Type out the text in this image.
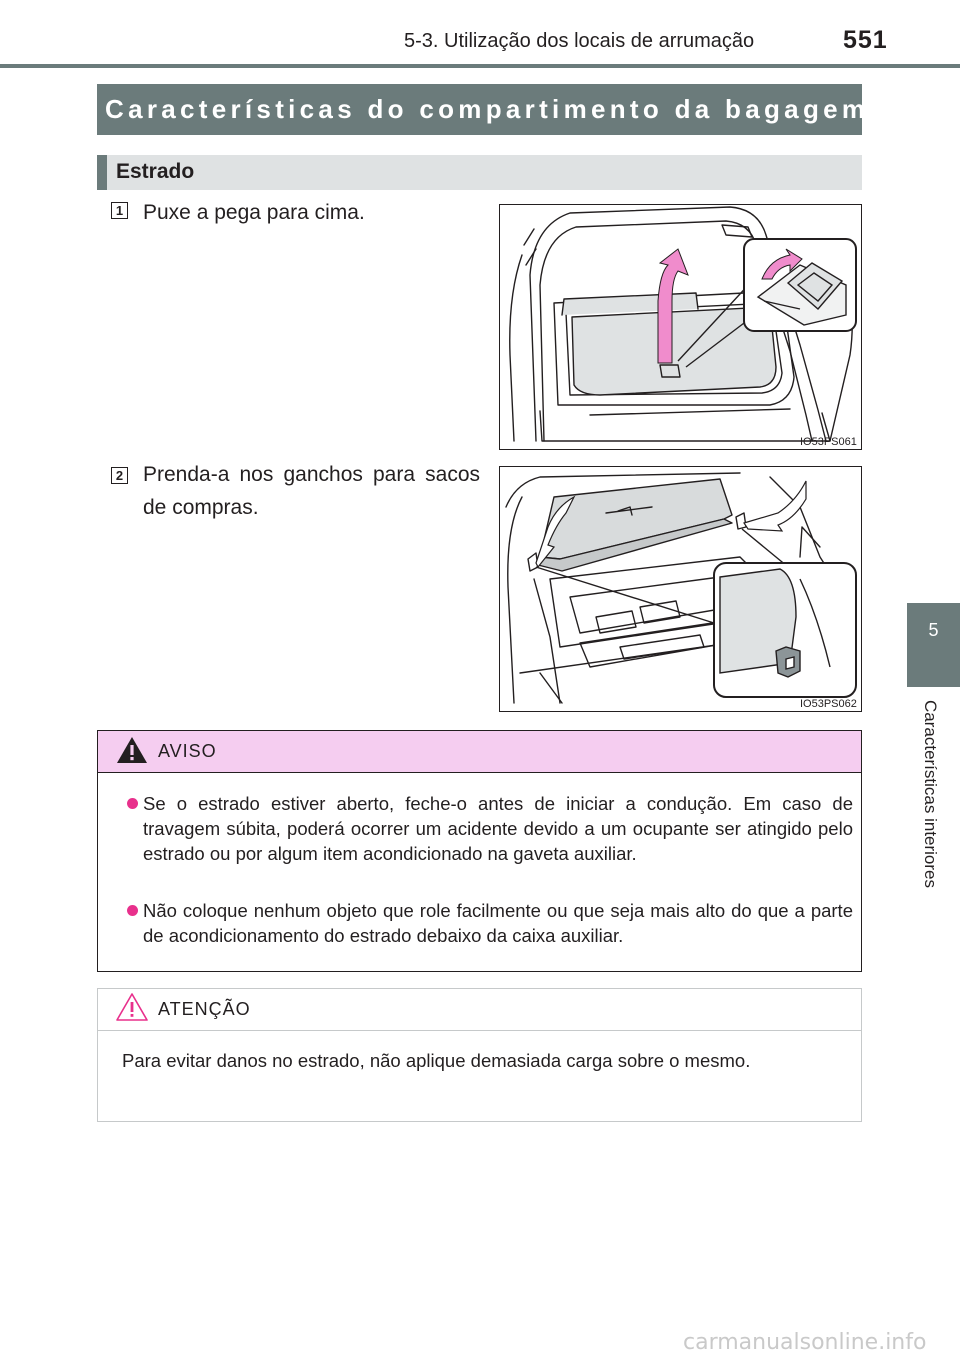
5-3. Utilização dos locais de arrumação	551
5
Características interiores
Características do compartimento da bagagem
Estrado
1 Puxe a pega para cima.
IO53PS061
2 Prenda-a nos ganchos para sacos de compras.
IO53PS062
AVISO
Se o estrado estiver aberto, feche-o antes de iniciar a condução. Em caso de travagem súbita, poderá ocorrer um acidente devido a um ocupante ser atingido pelo estrado ou por algum item acondicionado na gaveta auxiliar.
Não coloque nenhum objeto que role facilmente ou que seja mais alto do que a parte de acondicionamento do estrado debaixo da caixa auxiliar.
ATENÇÃO
Para evitar danos no estrado, não aplique demasiada carga sobre o mesmo.
carmanualsonline.info
